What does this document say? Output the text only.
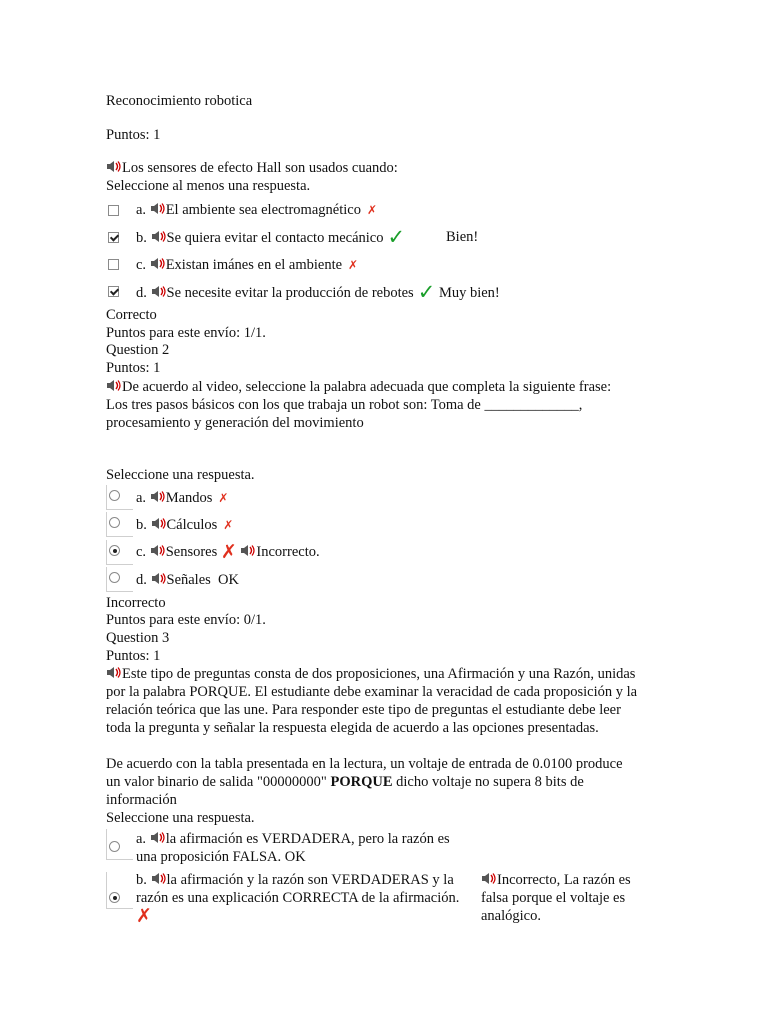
Reconocimiento robotica
Puntos: 1
Los sensores de efecto Hall son usados cuando:
Seleccione al menos una respuesta.
a. El ambiente sea electromagnético ✗
b. Se quiera evitar el contacto mecánico ✓	Bien!
c. Existan imánes en el ambiente ✗
d. Se necesite evitar la producción de rebotes ✓ Muy bien!
Correcto
Puntos para este envío: 1/1.
Question 2
Puntos: 1
De acuerdo al video, seleccione la palabra adecuada que completa la siguiente frase:
Los tres pasos básicos con los que trabaja un robot son: Toma de _____________,
procesamiento y generación del movimiento
Seleccione una respuesta.
a. Mandos ✗
b. Cálculos ✗
c. Sensores ✗ Incorrecto.
d. Señales  OK
Incorrecto
Puntos para este envío: 0/1.
Question 3
Puntos: 1
Este tipo de preguntas consta de dos proposiciones, una Afirmación y una Razón, unidas
por la palabra PORQUE. El estudiante debe examinar la veracidad de cada proposición y la
relación teórica que las une. Para responder este tipo de preguntas el estudiante debe leer
toda la pregunta y señalar la respuesta elegida de acuerdo a las opciones presentadas.
De acuerdo con la tabla presentada en la lectura, un voltaje de entrada de 0.0100 produce
un valor binario de salida "00000000" PORQUE dicho voltaje no supera 8 bits de
información
Seleccione una respuesta.
a. la afirmación es VERDADERA, pero la razón es
una proposición FALSA. OK
b. la afirmación y la razón son VERDADERAS y la
razón es una explicación CORRECTA de la afirmación.
✗
Incorrecto, La razón es
falsa porque el voltaje es
analógico.
